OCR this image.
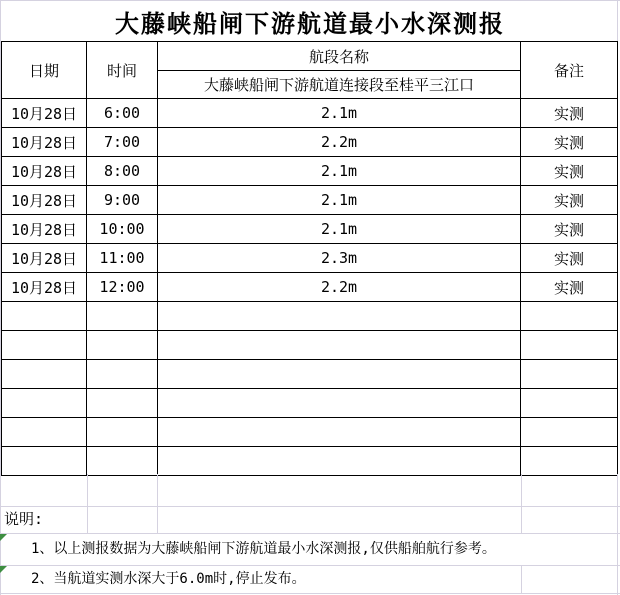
大藤峡船闸下游航道最小水深测报
日期	时间	航段名称	备注
		大藤峡船闸下游航道连接段至桂平三江口	
10月28日	6:00	2.1m	实测
10月28日	7:00	2.2m	实测
10月28日	8:00	2.1m	实测
10月28日	9:00	2.1m	实测
10月28日	10:00	2.1m	实测
10月28日	11:00	2.3m	实测
10月28日	12:00	2.2m	实测

说明:
1、以上测报数据为大藤峡船闸下游航道最小水深测报,仅供船舶航行参考。
2、当航道实测水深大于6.0m时,停止发布。
